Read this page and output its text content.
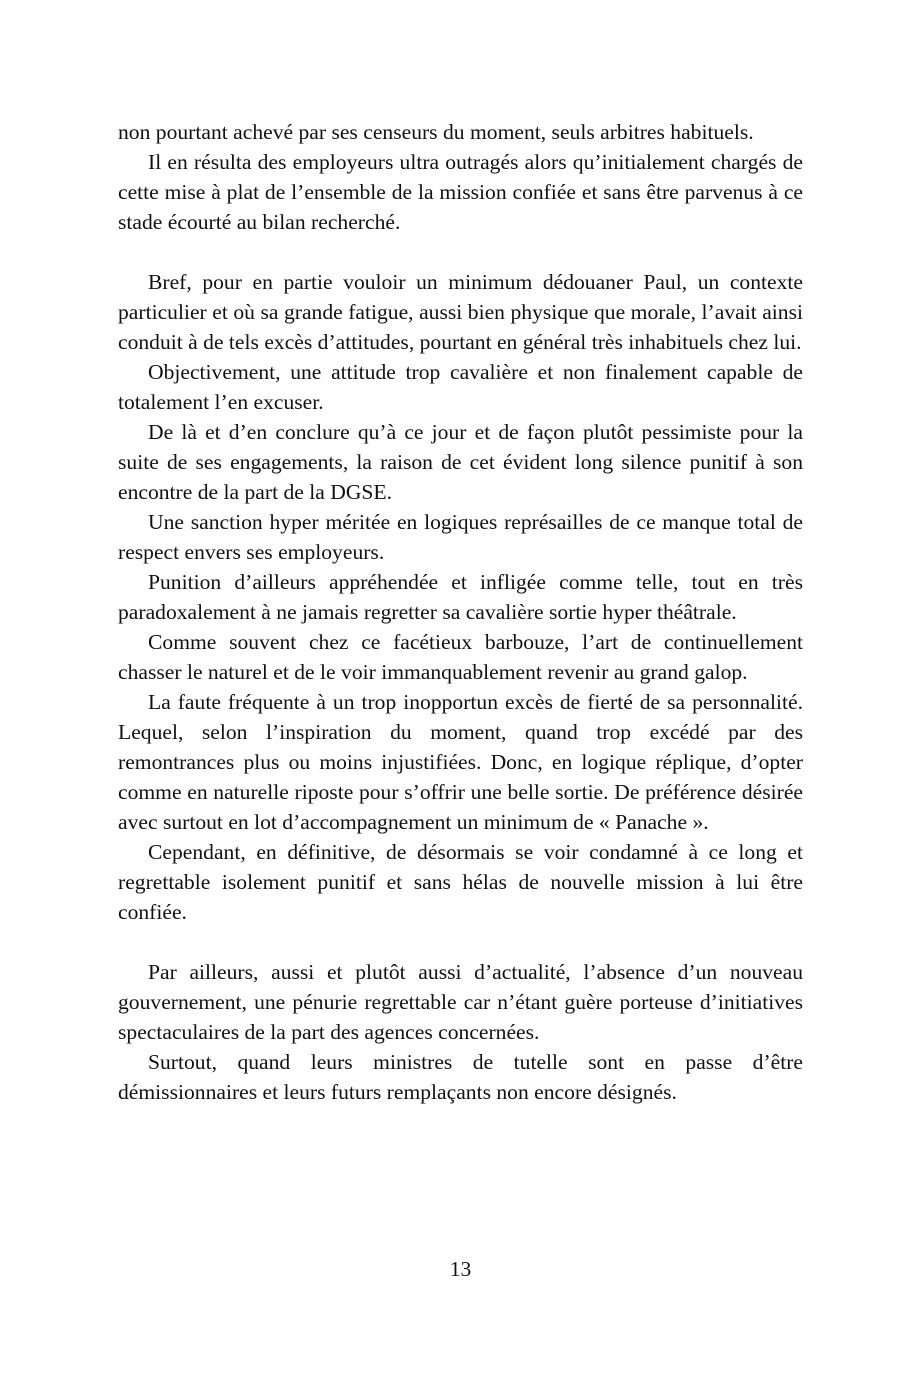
non pourtant achevé par ses censeurs du moment, seuls arbitres habituels.

Il en résulta des employeurs ultra outragés alors qu’initialement chargés de cette mise à plat de l’ensemble de la mission confiée et sans être parvenus à ce stade écourté au bilan recherché.

Bref, pour en partie vouloir un minimum dédouaner Paul, un contexte particulier et où sa grande fatigue, aussi bien physique que morale, l’avait ainsi conduit à de tels excès d’attitudes, pourtant en général très inhabituels chez lui.

Objectivement, une attitude trop cavalière et non finalement capable de totalement l’en excuser.

De là et d’en conclure qu’à ce jour et de façon plutôt pessimiste pour la suite de ses engagements, la raison de cet évident long silence punitif à son encontre de la part de la DGSE.

Une sanction hyper méritée en logiques représailles de ce manque total de respect envers ses employeurs.

Punition d’ailleurs appréhendée et infligée comme telle, tout en très paradoxalement à ne jamais regretter sa cavalière sortie hyper théâtrale.

Comme souvent chez ce facétieux barbouze, l’art de continuellement chasser le naturel et de le voir immanquablement revenir au grand galop.

La faute fréquente à un trop inopportun excès de fierté de sa personnalité. Lequel, selon l’inspiration du moment, quand trop excédé par des remontrances plus ou moins injustifiées. Donc, en logique réplique, d’opter comme en naturelle riposte pour s’offrir une belle sortie. De préférence désirée avec surtout en lot d’accompagnement un minimum de « Panache ».

Cependant, en définitive, de désormais se voir condamné à ce long et regrettable isolement punitif et sans hélas de nouvelle mission à lui être confiée.

Par ailleurs, aussi et plutôt aussi d’actualité, l’absence d’un nouveau gouvernement, une pénurie regrettable car n’étant guère porteuse d’initiatives spectaculaires de la part des agences concernées.

Surtout, quand leurs ministres de tutelle sont en passe d’être démissionnaires et leurs futurs remplaçants non encore désignés.

13
